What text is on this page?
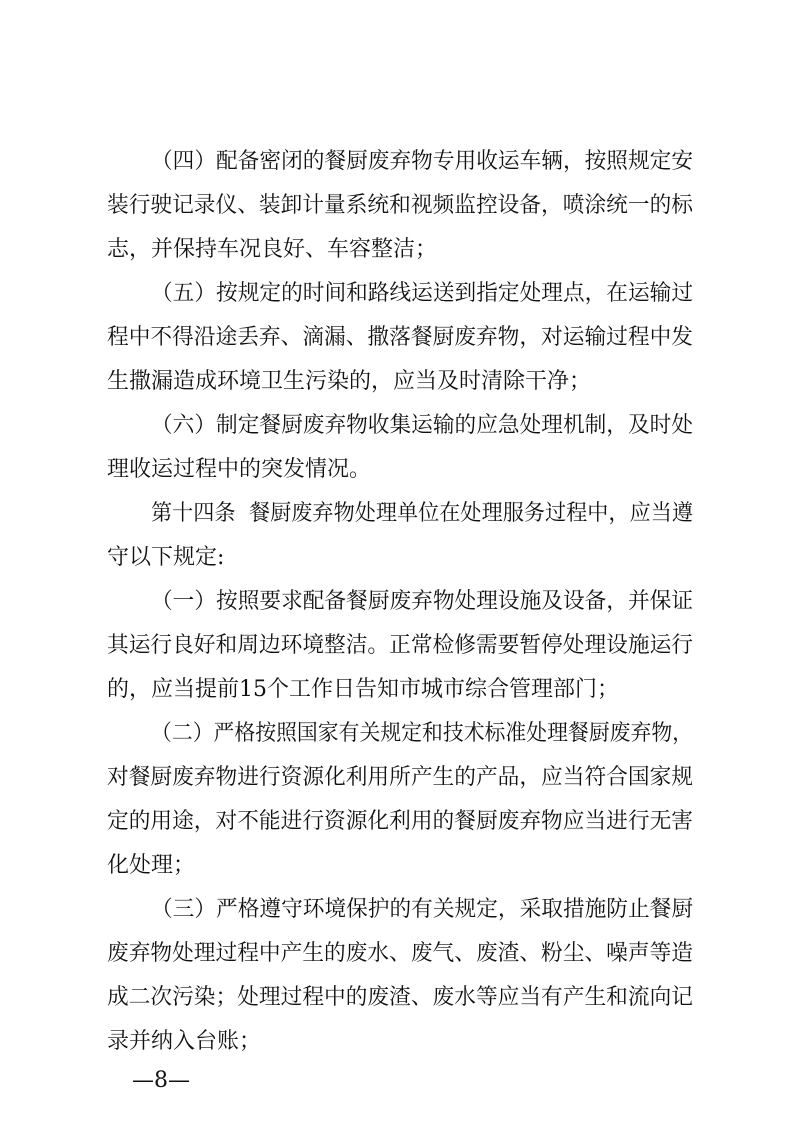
（四）配备密闭的餐厨废弃物专用收运车辆，按照规定安
装行驶记录仪、装卸计量系统和视频监控设备，喷涂统一的标
志，并保持车况良好、车容整洁；
（五）按规定的时间和路线运送到指定处理点，在运输过
程中不得沿途丢弃、滴漏、撒落餐厨废弃物，对运输过程中发
生撒漏造成环境卫生污染的，应当及时清除干净；
（六）制定餐厨废弃物收集运输的应急处理机制，及时处
理收运过程中的突发情况。
第十四条  餐厨废弃物处理单位在处理服务过程中，应当遵
守以下规定:
（一）按照要求配备餐厨废弃物处理设施及设备，并保证
其运行良好和周边环境整洁。正常检修需要暂停处理设施运行
的，应当提前15个工作日告知市城市综合管理部门；
（二）严格按照国家有关规定和技术标准处理餐厨废弃物，
对餐厨废弃物进行资源化利用所产生的产品，应当符合国家规
定的用途，对不能进行资源化利用的餐厨废弃物应当进行无害
化处理；
（三）严格遵守环境保护的有关规定，采取措施防止餐厨
废弃物处理过程中产生的废水、废气、废渣、粉尘、噪声等造
成二次污染；处理过程中的废渣、废水等应当有产生和流向记
录并纳入台账；
—8—
